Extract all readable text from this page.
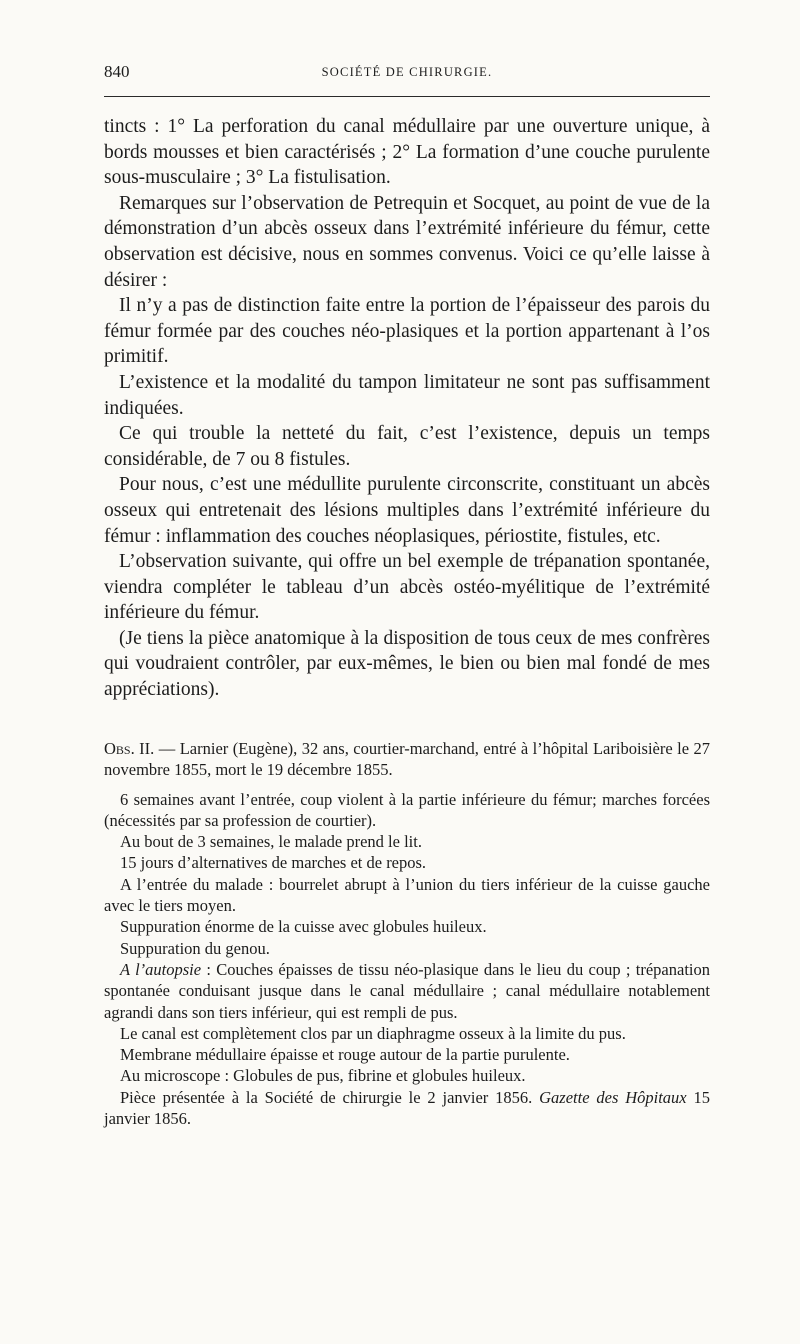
840	SOCIÉTÉ DE CHIRURGIE.

tincts : 1° La perforation du canal médullaire par une ouverture unique, à bords mousses et bien caractérisés ; 2° La formation d’une couche purulente sous-musculaire ; 3° La fistulisation.

Remarques sur l’observation de Petrequin et Socquet, au point de vue de la démonstration d’un abcès osseux dans l’extrémité inférieure du fémur, cette observation est décisive, nous en sommes convenus. Voici ce qu’elle laisse à désirer :

Il n’y a pas de distinction faite entre la portion de l’épaisseur des parois du fémur formée par des couches néo-plasiques et la portion appartenant à l’os primitif.

L’existence et la modalité du tampon limitateur ne sont pas suffisamment indiquées.

Ce qui trouble la netteté du fait, c’est l’existence, depuis un temps considérable, de 7 ou 8 fistules.

Pour nous, c’est une médullite purulente circonscrite, constituant un abcès osseux qui entretenait des lésions multiples dans l’extrémité inférieure du fémur : inflammation des couches néoplasiques, périostite, fistules, etc.

L’observation suivante, qui offre un bel exemple de trépanation spontanée, viendra compléter le tableau d’un abcès ostéo-myélitique de l’extrémité inférieure du fémur.

(Je tiens la pièce anatomique à la disposition de tous ceux de mes confrères qui voudraient contrôler, par eux-mêmes, le bien ou bien mal fondé de mes appréciations).

Obs. II. — Larnier (Eugène), 32 ans, courtier-marchand, entré à l’hôpital Lariboisière le 27 novembre 1855, mort le 19 décembre 1855.

6 semaines avant l’entrée, coup violent à la partie inférieure du fémur; marches forcées (nécessités par sa profession de courtier).

Au bout de 3 semaines, le malade prend le lit.

15 jours d’alternatives de marches et de repos.

A l’entrée du malade : bourrelet abrupt à l’union du tiers inférieur de la cuisse gauche avec le tiers moyen.

Suppuration énorme de la cuisse avec globules huileux.

Suppuration du genou.

A l’autopsie : Couches épaisses de tissu néo-plasique dans le lieu du coup ; trépanation spontanée conduisant jusque dans le canal médullaire ; canal médullaire notablement agrandi dans son tiers inférieur, qui est rempli de pus.

Le canal est complètement clos par un diaphragme osseux à la limite du pus.

Membrane médullaire épaisse et rouge autour de la partie purulente.

Au microscope : Globules de pus, fibrine et globules huileux.

Pièce présentée à la Société de chirurgie le 2 janvier 1856. Gazette des Hôpitaux 15 janvier 1856.
